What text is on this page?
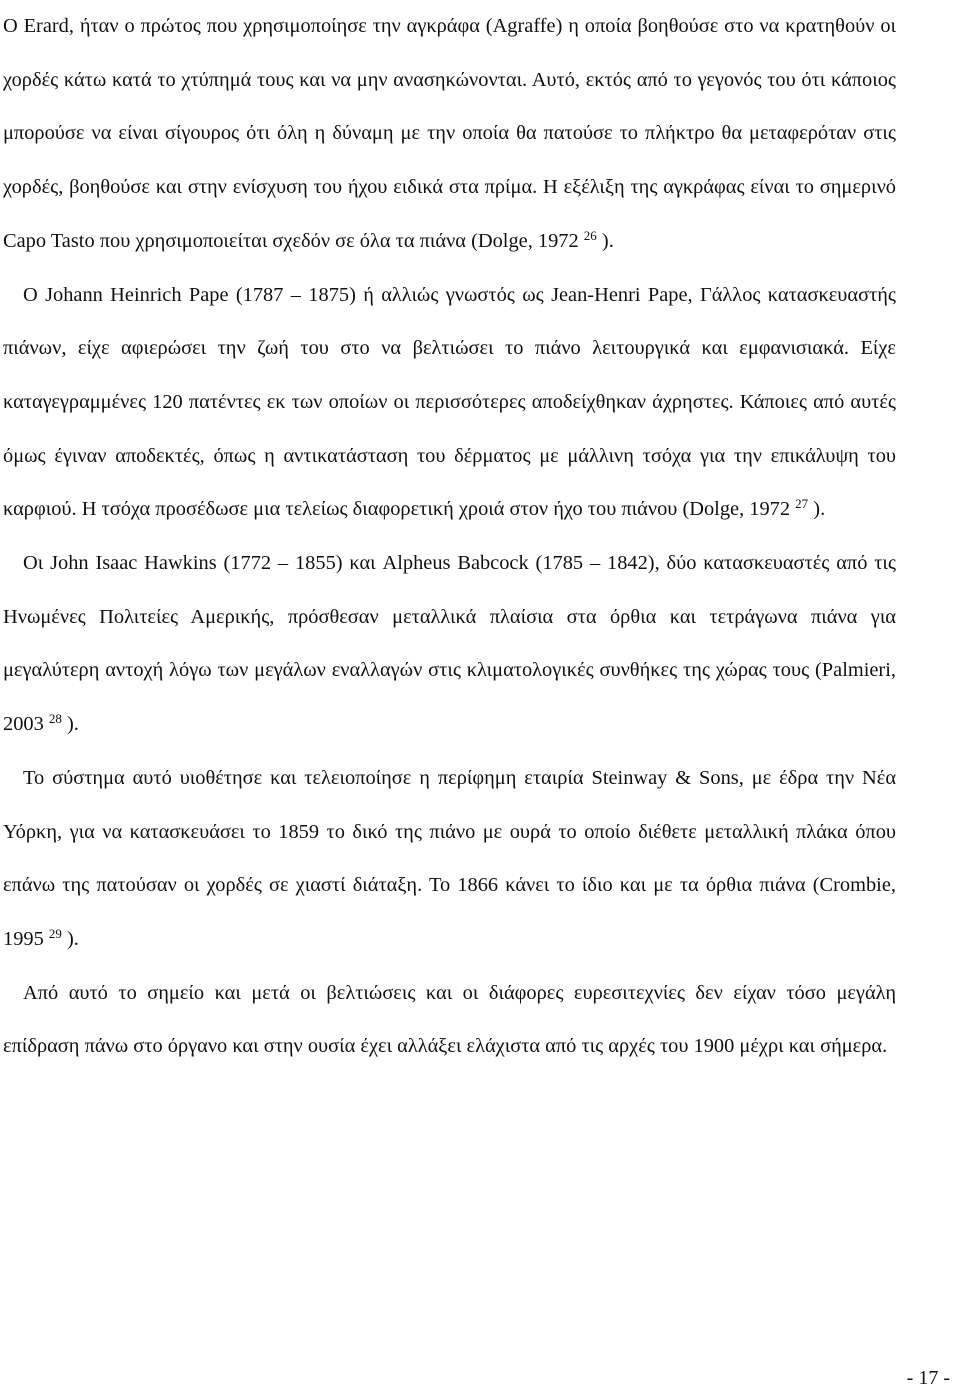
Ο Erard, ήταν ο πρώτος που χρησιμοποίησε την αγκράφα (Agraffe) η οποία βοηθούσε στο να κρατηθούν οι χορδές κάτω κατά το χτύπημά τους και να μην ανασηκώνονται. Αυτό, εκτός από το γεγονός του ότι κάποιος μπορούσε να είναι σίγουρος ότι όλη η δύναμη με την οποία θα πατούσε το πλήκτρο θα μεταφερόταν στις χορδές, βοηθούσε και στην ενίσχυση του ήχου ειδικά στα πρίμα. Η εξέλιξη της αγκράφας είναι το σημερινό Capo Tasto που χρησιμοποιείται σχεδόν σε όλα τα πιάνα (Dolge, 1972 $^{26}$ ).

Ο Johann Heinrich Pape (1787 – 1875) ή αλλιώς γνωστός ως Jean-Henri Pape, Γάλλος κατασκευαστής πιάνων, είχε αφιερώσει την ζωή του στο να βελτιώσει το πιάνο λειτουργικά και εμφανισιακά. Είχε καταγεγραμμένες 120 πατέντες εκ των οποίων οι περισσότερες αποδείχθηκαν άχρηστες. Κάποιες από αυτές όμως έγιναν αποδεκτές, όπως η αντικατάσταση του δέρματος με μάλλινη τσόχα για την επικάλυψη του καρφιού. Η τσόχα προσέδωσε μια τελείως διαφορετική χροιά στον ήχο του πιάνου (Dolge, 1972 $^{27}$ ).

Οι John Isaac Hawkins (1772 – 1855) και Alpheus Babcock (1785 – 1842), δύο κατασκευαστές από τις Ηνωμένες Πολιτείες Αμερικής, πρόσθεσαν μεταλλικά πλαίσια στα όρθια και τετράγωνα πιάνα για μεγαλύτερη αντοχή λόγω των μεγάλων εναλλαγών στις κλιματολογικές συνθήκες της χώρας τους (Palmieri, 2003 $^{28}$ ).

Το σύστημα αυτό υιοθέτησε και τελειοποίησε η περίφημη εταιρία Steinway & Sons, με έδρα την Νέα Υόρκη, για να κατασκευάσει το 1859 το δικό της πιάνο με ουρά το οποίο διέθετε μεταλλική πλάκα όπου επάνω της πατούσαν οι χορδές σε χιαστί διάταξη. Το 1866 κάνει το ίδιο και με τα όρθια πιάνα (Crombie, 1995 $^{29}$ ).

Από αυτό το σημείο και μετά οι βελτιώσεις και οι διάφορες ευρεσιτεχνίες δεν είχαν τόσο μεγάλη επίδραση πάνω στο όργανο και στην ουσία έχει αλλάξει ελάχιστα από τις αρχές του 1900 μέχρι και σήμερα.

- 17 -
